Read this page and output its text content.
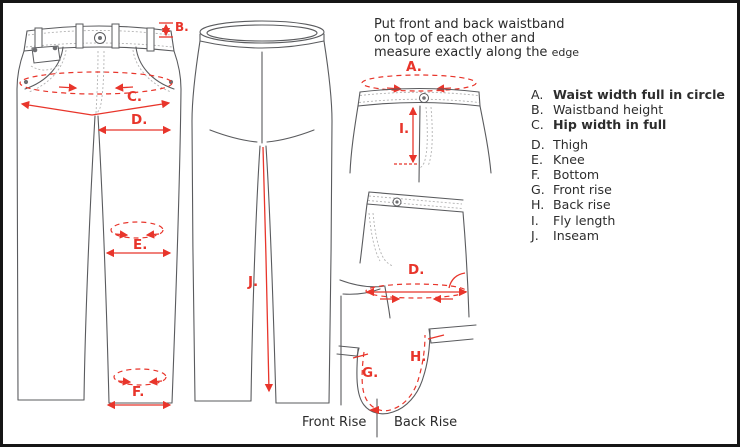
Put front and back waistband
on top of each other and
measure exactly along the edge
B.
C.
D.
E.
F.
J.
A.
I.
D.
G.
H.
Front Rise Back Rise
A. Waist width full in circle
B. Waistband height
C. Hip width in full
D. Thigh
E. Knee
F.	Bottom
G. Front rise
H. Back rise
I.	Fly length
J.	Inseam
